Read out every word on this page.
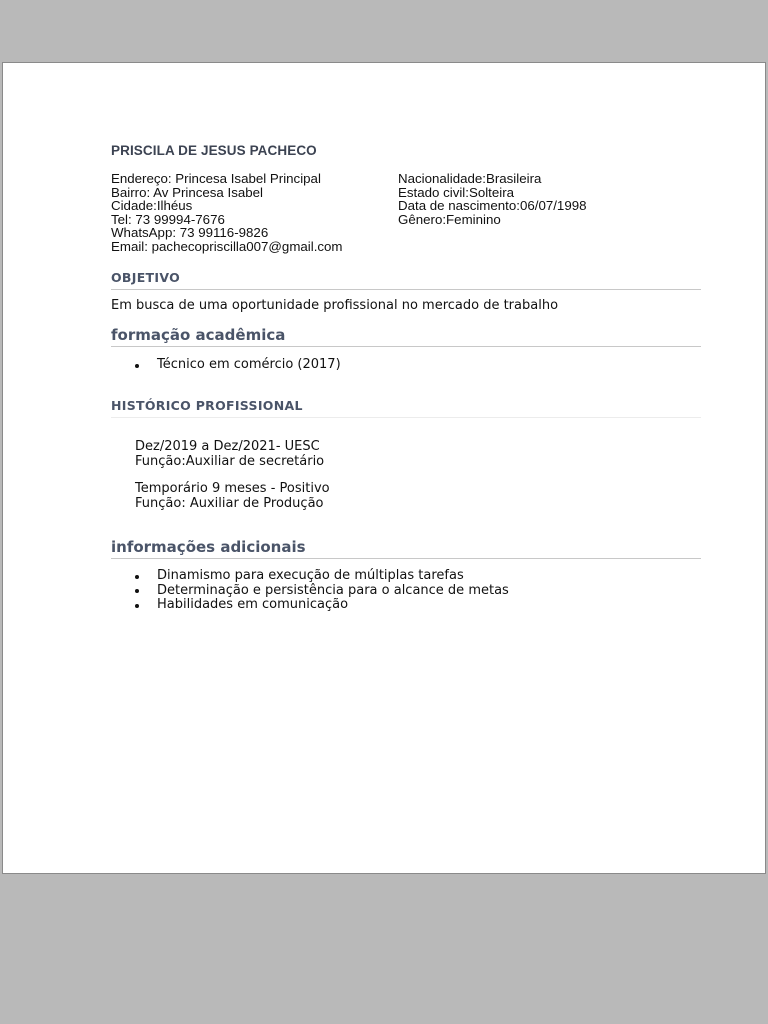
PRISCILA DE JESUS PACHECO
Endereço: Princesa Isabel Principal
Bairro: Av Princesa Isabel
Cidade:Ilhéus
Tel: 73 99994-7676
WhatsApp: 73 99116-9826
Email: pachecopriscilla007@gmail.com
Nacionalidade:Brasileira
Estado civil:Solteira
Data de nascimento:06/07/1998
Gênero:Feminino
OBJETIVO
Em busca de uma oportunidade profissional no mercado de trabalho
formação acadêmica
Técnico em comércio (2017)
HISTÓRICO PROFISSIONAL
Dez/2019 a Dez/2021- UESC
Função:Auxiliar de secretário
Temporário 9 meses - Positivo
Função: Auxiliar de Produção
informações adicionais
Dinamismo para execução de múltiplas tarefas
Determinação e persistência para o alcance de metas
Habilidades em comunicação
